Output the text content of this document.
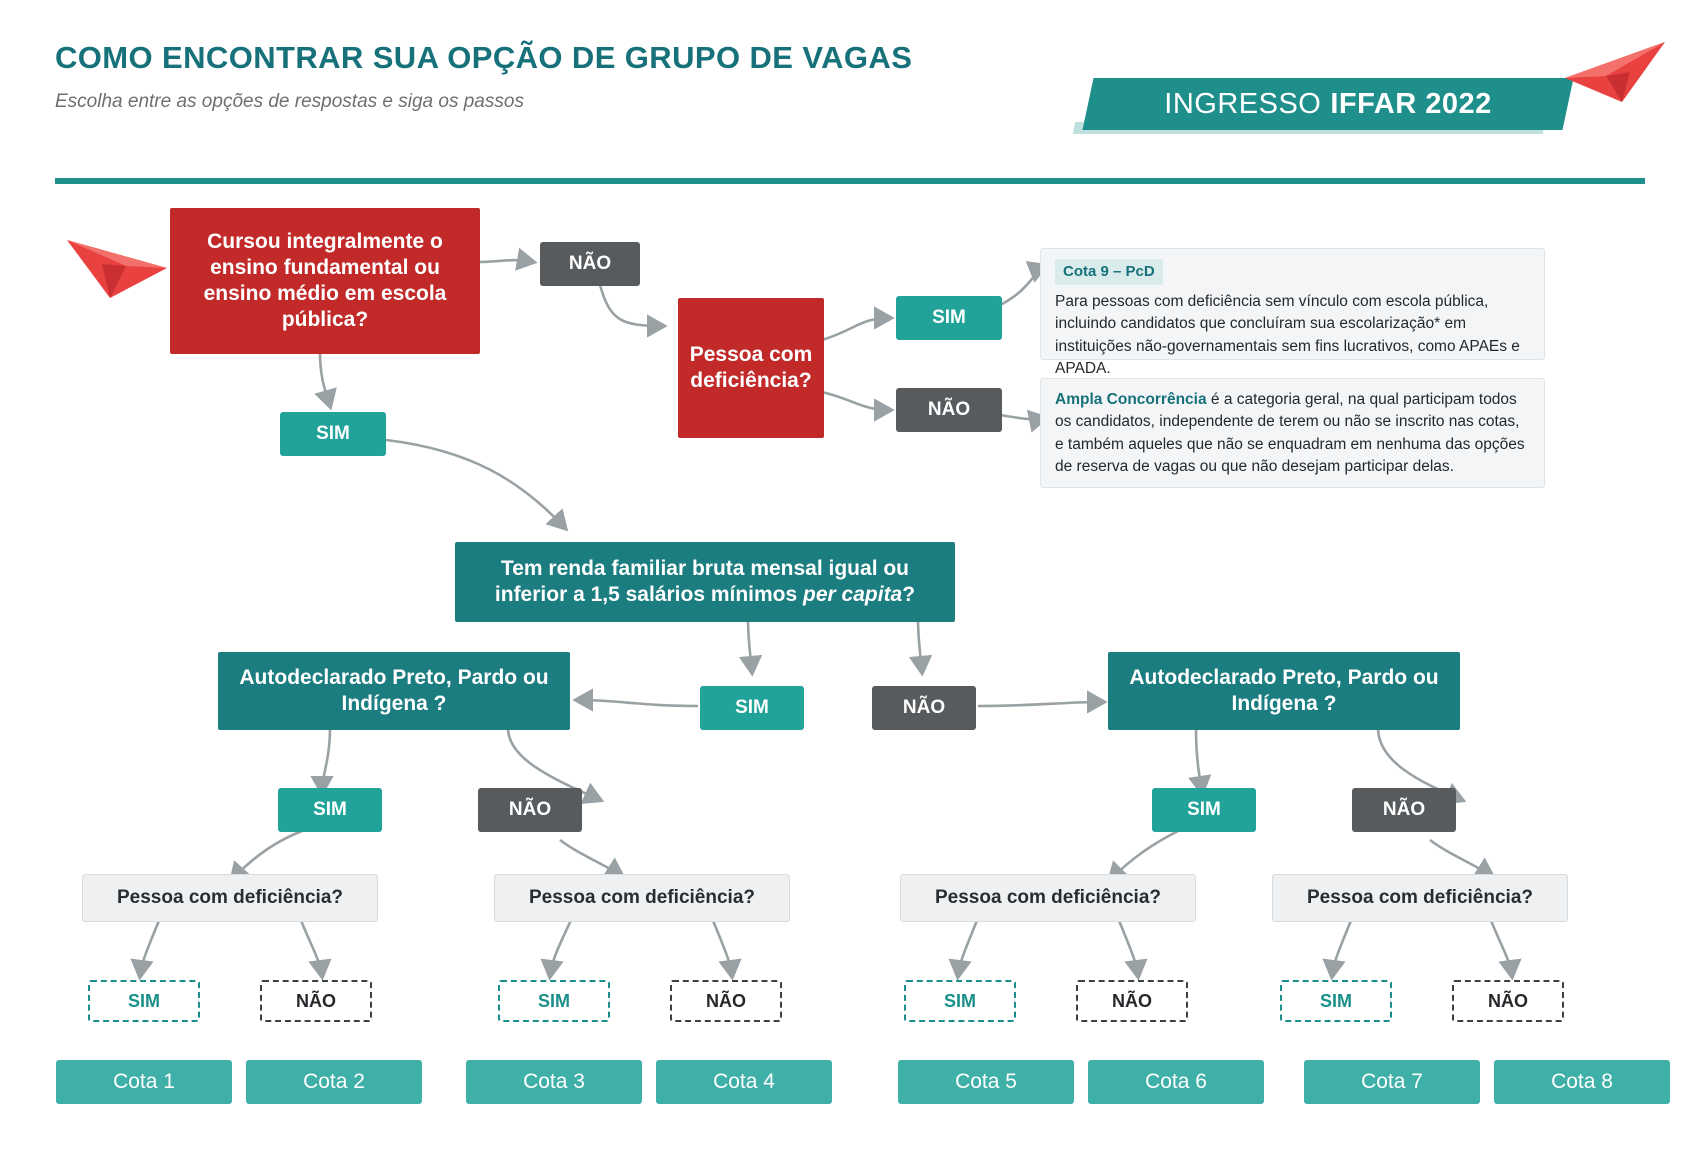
COMO ENCONTRAR SUA OPÇÃO DE GRUPO DE VAGAS
Escolha entre as opções de respostas e siga os passos	INGRESSO IFFAR 2022
Cursou integralmente o ensino fundamental ou ensino médio em escola pública?
NÃO
SIM
Pessoa com deficiência?
SIM
NÃO
Cota 9 – PcD
Para pessoas com deficiência sem vínculo com escola pública, incluindo candidatos que concluíram sua escolarização* em instituições não-governamentais sem fins lucrativos, como APAEs e APADA.
Ampla Concorrência é a categoria geral, na qual participam todos os candidatos, independente de terem ou não se inscrito nas cotas, e também aqueles que não se enquadram em nenhuma das opções de reserva de vagas ou que não desejam participar delas.
Tem renda familiar bruta mensal igual ou inferior a 1,5 salários mínimos per capita?
SIM	NÃO
Autodeclarado Preto, Pardo ou Indígena ?
Autodeclarado Preto, Pardo ou Indígena ?
SIM	NÃO	SIM	NÃO
Pessoa com deficiência?	Pessoa com deficiência?	Pessoa com deficiência?	Pessoa com deficiência?
SIM	NÃO	SIM	NÃO	SIM	NÃO	SIM	NÃO
Cota 1	Cota 2	Cota 3	Cota 4	Cota 5	Cota 6	Cota 7	Cota 8
